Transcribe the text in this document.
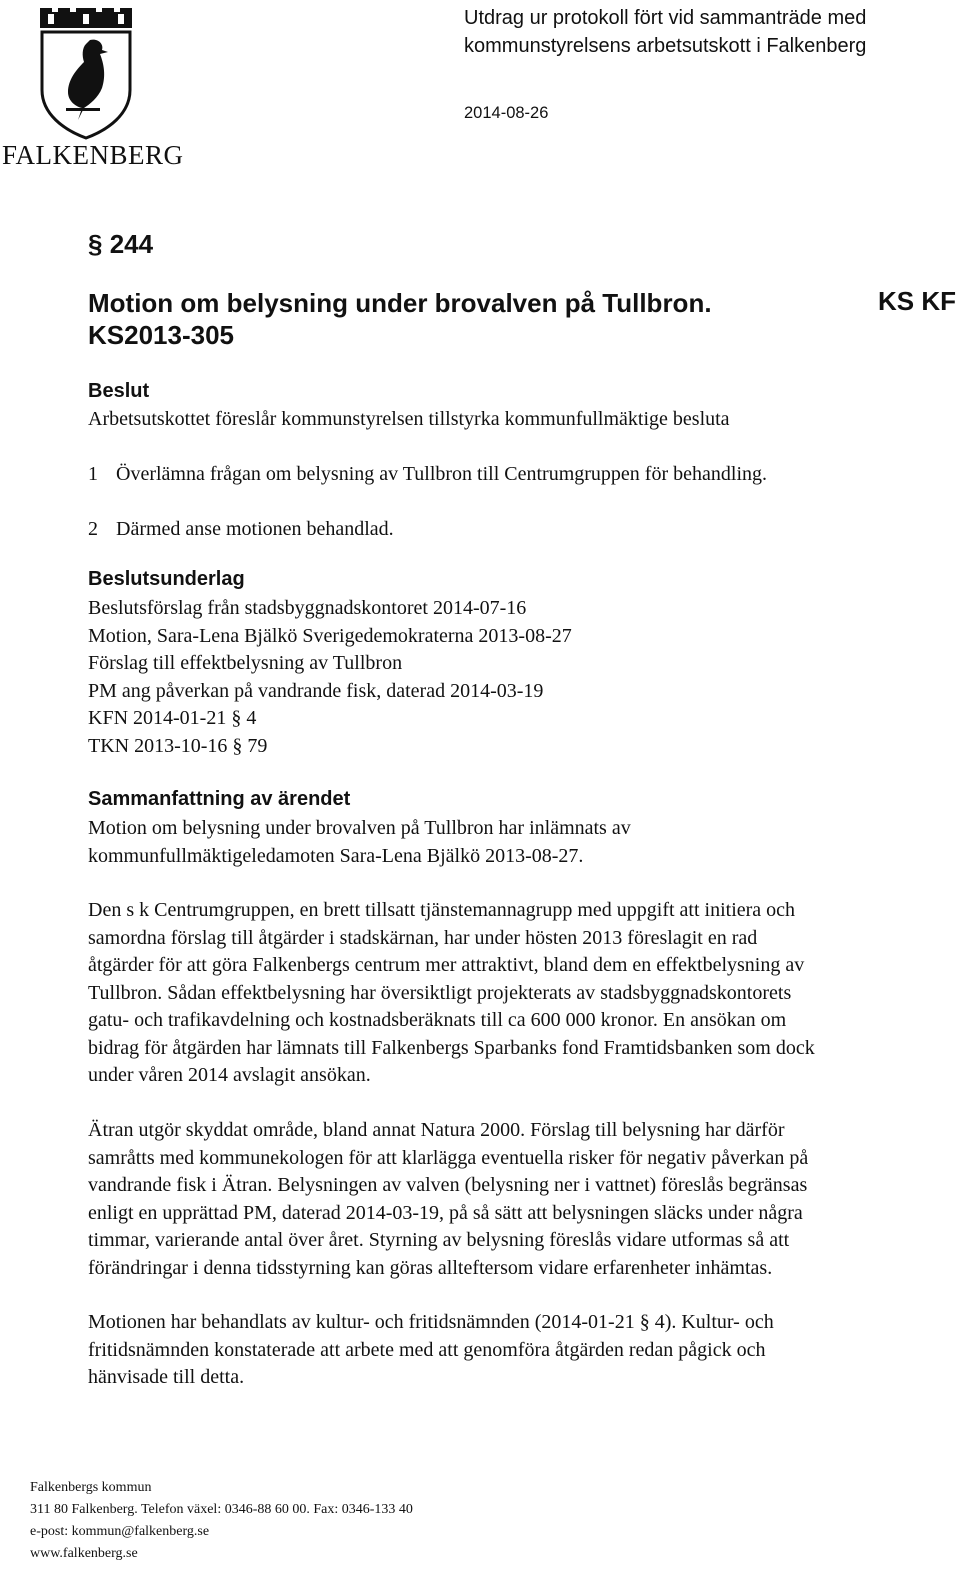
FALKENBERG
Utdrag ur protokoll fört vid sammanträde med
kommunstyrelsens arbetsutskott i Falkenberg
2014-08-26
§ 244
Motion om belysning under brovalven på Tullbron.
KS2013-305
KS KF
Beslut
Arbetsutskottet föreslår kommunstyrelsen tillstyrka kommunfullmäktige besluta
1 Överlämna frågan om belysning av Tullbron till Centrumgruppen för behandling.
2 Därmed anse motionen behandlad.
Beslutsunderlag
Beslutsförslag från stadsbyggnadskontoret 2014-07-16
Motion, Sara-Lena Bjälkö Sverigedemokraterna 2013-08-27
Förslag till effektbelysning av Tullbron
PM ang påverkan på vandrande fisk, daterad 2014-03-19
KFN 2014-01-21 § 4
TKN 2013-10-16 § 79
Sammanfattning av ärendet
Motion om belysning under brovalven på Tullbron har inlämnats av
kommunfullmäktigeledamoten Sara-Lena Bjälkö 2013-08-27.
Den s k Centrumgruppen, en brett tillsatt tjänstemannagrupp med uppgift att initiera och
samordna förslag till åtgärder i stadskärnan, har under hösten 2013 föreslagit en rad
åtgärder för att göra Falkenbergs centrum mer attraktivt, bland dem en effektbelysning av
Tullbron. Sådan effektbelysning har översiktligt projekterats av stadsbyggnadskontorets
gatu- och trafikavdelning och kostnadsberäknats till ca 600 000 kronor. En ansökan om
bidrag för åtgärden har lämnats till Falkenbergs Sparbanks fond Framtidsbanken som dock
under våren 2014 avslagit ansökan.
Ätran utgör skyddat område, bland annat Natura 2000. Förslag till belysning har därför
samråtts med kommunekologen för att klarlägga eventuella risker för negativ påverkan på
vandrande fisk i Ätran. Belysningen av valven (belysning ner i vattnet) föreslås begränsas
enligt en upprättad PM, daterad 2014-03-19, på så sätt att belysningen släcks under några
timmar, varierande antal över året. Styrning av belysning föreslås vidare utformas så att
förändringar i denna tidsstyrning kan göras allteftersom vidare erfarenheter inhämtas.
Motionen har behandlats av kultur- och fritidsnämnden (2014-01-21 § 4). Kultur- och
fritidsnämnden konstaterade att arbete med att genomföra åtgärden redan pågick och
hänvisade till detta.
Falkenbergs kommun
311 80 Falkenberg. Telefon växel: 0346-88 60 00. Fax: 0346-133 40
e-post: kommun@falkenberg.se
www.falkenberg.se
